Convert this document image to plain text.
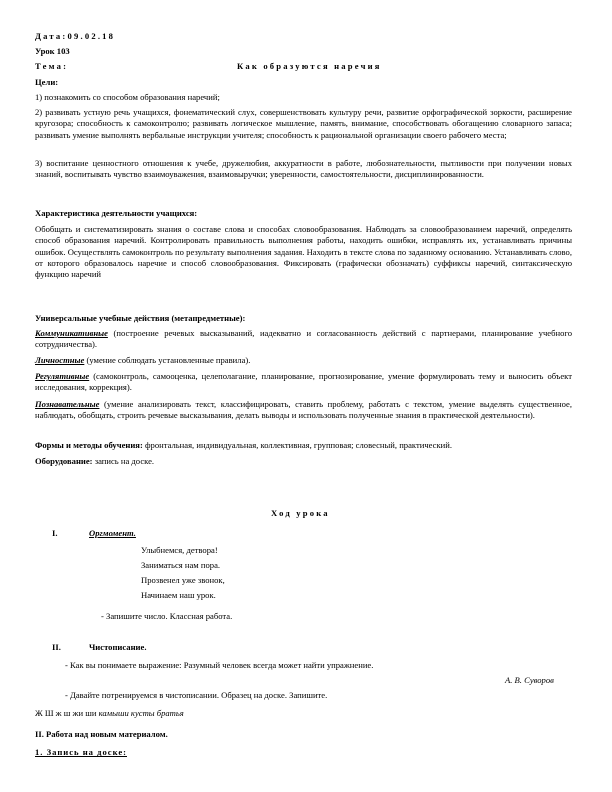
Дата:09.02.18
Урок 103
Тема:	Как образуются наречия
Цели:
1) познакомить со способом образования наречий;
2) развивать устную речь учащихся, фонематический слух, совершенствовать культуру речи, развитие орфографической зоркости, расширение кругозора; способность к самоконтролю; развивать логическое мышление, память, внимание, способствовать обогащению словарного запаса; развивать умение выполнять вербальные инструкции учителя; способность к рациональной организации своего рабочего места;
3) воспитание ценностного отношения к учебе, дружелюбия, аккуратности в работе, любознательности, пытливости при получении новых знаний, воспитывать чувство взаимоуважения, взаимовыручки; уверенности, самостоятельности, дисциплинированности.
Характеристика деятельности учащихся:
Обобщать и систематизировать знания о составе слова и способах словообразования. Наблюдать за словообразованием наречий, определять способ образования наречий. Контролировать правильность выполнения работы, находить ошибки, исправлять их, устанавливать причины ошибок. Осуществлять самоконтроль по результату выполнения задания. Находить в тексте слова по заданному основанию. Устанавливать слово, от которого образовалось наречие и способ словообразования. Фиксировать (графически обозначать) суффиксы наречий, синтаксическую функцию наречий
Универсальные учебные действия (метапредметные):
Коммуникативные (построение речевых высказываний, иадекватно и согласованность действий с партнерами, планирование учебного сотрудничества).
Личностные (умение соблюдать установленные правила).
Регулятивные (самоконтроль, самооценка, целеполагание, планирование, прогнозирование, умение формулировать тему и выносить объект исследования, коррекция).
Познавательные (умение анализировать текст, классифицировать, ставить проблему, работать с текстом, умение выделять существенное, наблюдать, обобщать, строить речевые высказывания, делать выводы и использовать полученные знания в практической деятельности).
Формы и методы обучения: фронтальная, индивидуальная, коллективная, групповая; словесный, практический.
Оборудование: запись на доске.
Ход урока
I.	Оргмомент.
Улыбнемся, детвора!
Заниматься нам пора.
Прозвенел уже звонок,
Начинаем наш урок.
- Запишите число. Классная работа.
II.	Чистописание.
- Как вы понимаете выражение: Разумный человек всегда может найти упражнение.
А. В. Суворов
- Давайте потренируемся в чистописании. Образец на доске. Запишите.
Ж Ш ж ш жи ши камыши кусты братья
II. Работа над новым материалом.
1. Запись на доске:
